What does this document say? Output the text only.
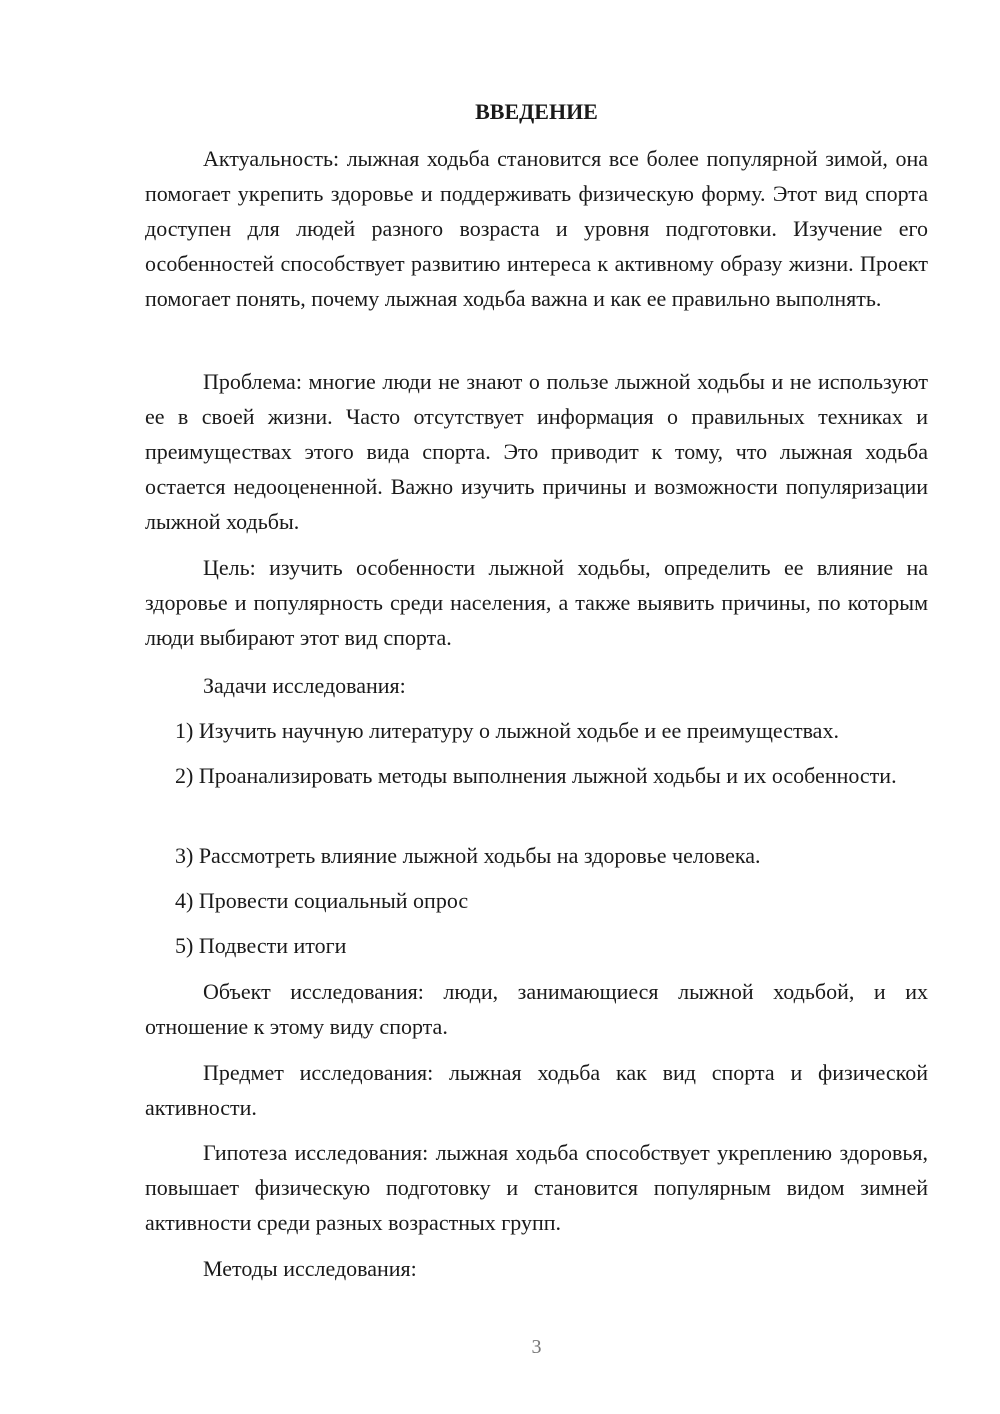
ВВЕДЕНИЕ

Актуальность: лыжная ходьба становится все более популярной зимой, она помогает укрепить здоровье и поддерживать физическую форму. Этот вид спорта доступен для людей разного возраста и уровня подготовки. Изучение его особенностей способствует развитию интереса к активному образу жизни. Проект помогает понять, почему лыжная ходьба важна и как ее правильно выполнять.

Проблема: многие люди не знают о пользе лыжной ходьбы и не используют ее в своей жизни. Часто отсутствует информация о правильных техниках и преимуществах этого вида спорта. Это приводит к тому, что лыжная ходьба остается недооцененной. Важно изучить причины и возможности популяризации лыжной ходьбы.

Цель: изучить особенности лыжной ходьбы, определить ее влияние на здоровье и популярность среди населения, а также выявить причины, по которым люди выбирают этот вид спорта.

Задачи исследования:

1) Изучить научную литературу о лыжной ходьбе и ее преимуществах.

2) Проанализировать методы выполнения лыжной ходьбы и их особенности.

3) Рассмотреть влияние лыжной ходьбы на здоровье человека.

4) Провести социальный опрос

5) Подвести итоги

Объект исследования: люди, занимающиеся лыжной ходьбой, и их отношение к этому виду спорта.

Предмет исследования: лыжная ходьба как вид спорта и физической активности.

Гипотеза исследования: лыжная ходьба способствует укреплению здоровья, повышает физическую подготовку и становится популярным видом зимней активности среди разных возрастных групп.

Методы исследования:

3
